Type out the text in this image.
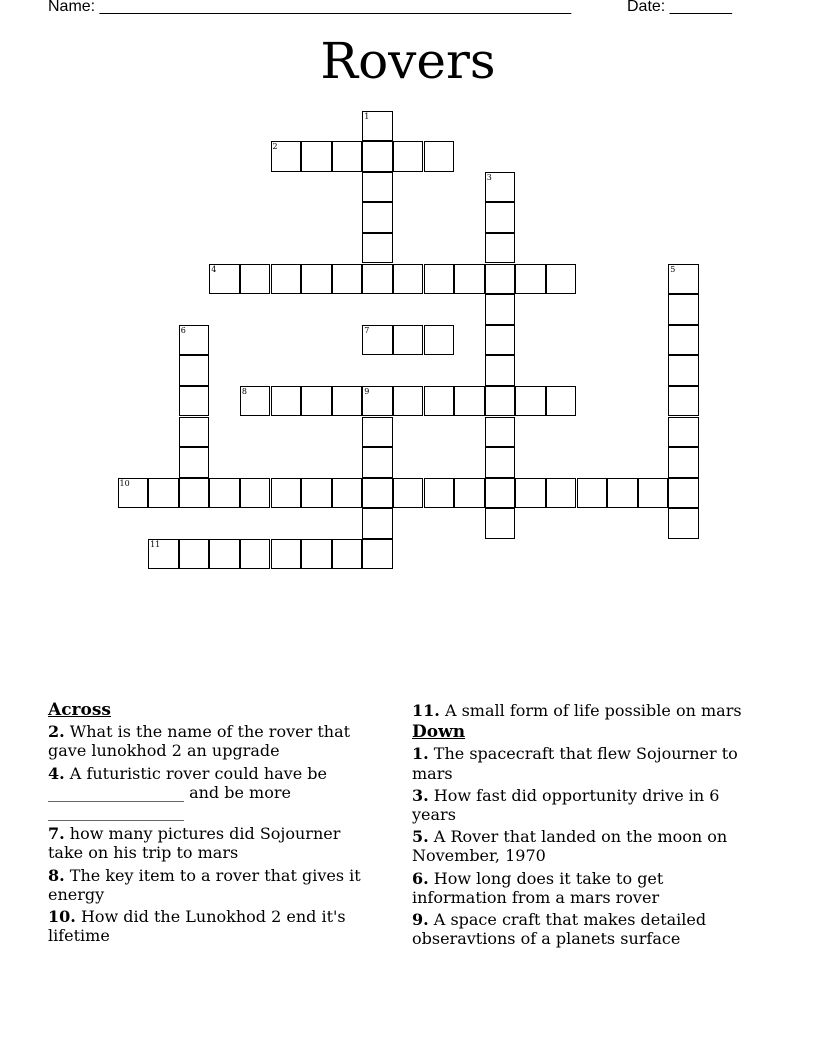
Name: _____________________________________________________	Date: _______
Rovers
1
2
3
4	5
6	7
8	9
10
11
Across
2. What is the name of the rover that gave lunokhod 2 an upgrade
4. A futuristic rover could have be _________________ and be more _________________
7. how many pictures did Sojourner take on his trip to mars
8. The key item to a rover that gives it energy
10. How did the Lunokhod 2 end it's lifetime
11. A small form of life possible on mars
Down
1. The spacecraft that flew Sojourner to mars
3. How fast did opportunity drive in 6 years
5. A Rover that landed on the moon on November, 1970
6. How long does it take to get information from a mars rover
9. A space craft that makes detailed obseravtions of a planets surface
